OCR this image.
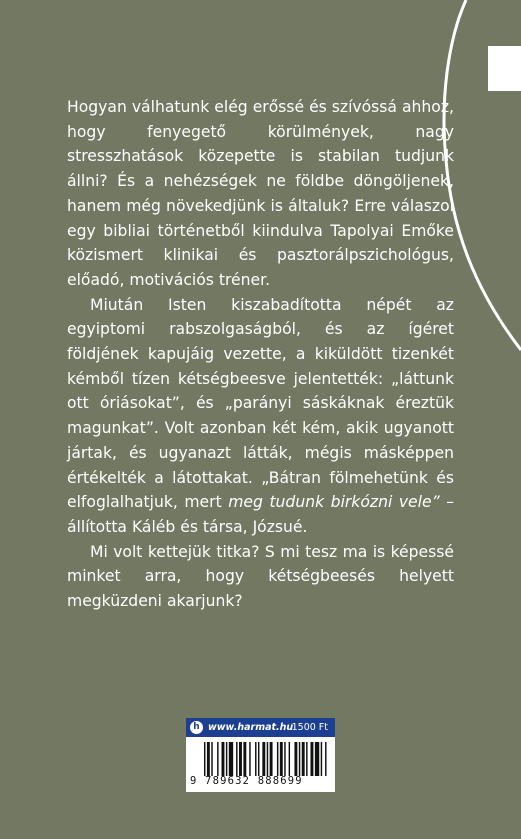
Hogyan válhatunk elég erőssé és szívóssá ahhoz, hogy fenyegető körülmények, nagy stresszhatások közepette is stabilan tudjunk állni? És a nehézségek ne földbe döngöljenek, hanem még növekedjünk is általuk? Erre válaszol egy bibliai történetből kiindulva Tapolyai Emőke közismert klinikai és pasztorálpszichológus, előadó, motivációs tréner.

Miután Isten kiszabadította népét az egyiptomi rabszolgaságból, és az ígéret földjének kapujáig vezette, a kiküldött tizenkét kémből tízen kétségbeesve jelentették: „láttunk ott óriásokat”, és „parányi sáskáknak éreztük magunkat”. Volt azonban két kém, akik ugyanott jártak, és ugyanazt látták, mégis másképpen értékelték a látottakat. „Bátran fölmehetünk és elfoglalhatjuk, mert meg tudunk birkózni vele” – állította Káléb és társa, Józsué.

Mi volt kettejük titka? S mi tesz ma is képessé minket arra, hogy kétségbeesés helyett megküzdeni akarjunk?

h www.harmat.hu
1500 Ft
9 789632 888699
